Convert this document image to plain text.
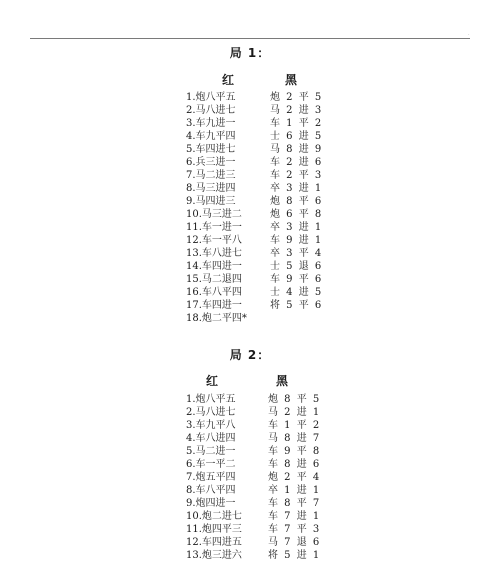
·
局 1：
红	黑
1.炮八平五	炮 2 平 5
2.马八进七	马 2 进 3
3.车九进一	车 1 平 2
4.车九平四	士 6 进 5
5.车四进七	马 8 进 9
6.兵三进一	车 2 进 6
7.马二进三	车 2 平 3
8.马三进四	卒 3 进 1
9.马四进三	炮 8 平 6
10.马三进二	炮 6 平 8
11.车一进一	卒 3 进 1
12.车一平八	车 9 进 1
13.车八进七	卒 3 平 4
14.车四进一	士 5 退 6
15.马二退四	车 9 平 6
16.车八平四	士 4 进 5
17.车四进一	将 5 平 6
18.炮二平四*
局 2：
红	黑
1.炮八平五	炮 8 平 5
2.马八进七	马 2 进 1
3.车九平八	车 1 平 2
4.车八进四	马 8 进 7
5.马二进一	车 9 平 8
6.车一平二	车 8 进 6
7.炮五平四	炮 2 平 4
8.车八平四	卒 1 进 1
9.炮四进一	车 8 平 7
10.炮二进七	车 7 进 1
11.炮四平三	车 7 平 3
12.车四进五	马 7 退 6
13.炮三进六	将 5 进 1
